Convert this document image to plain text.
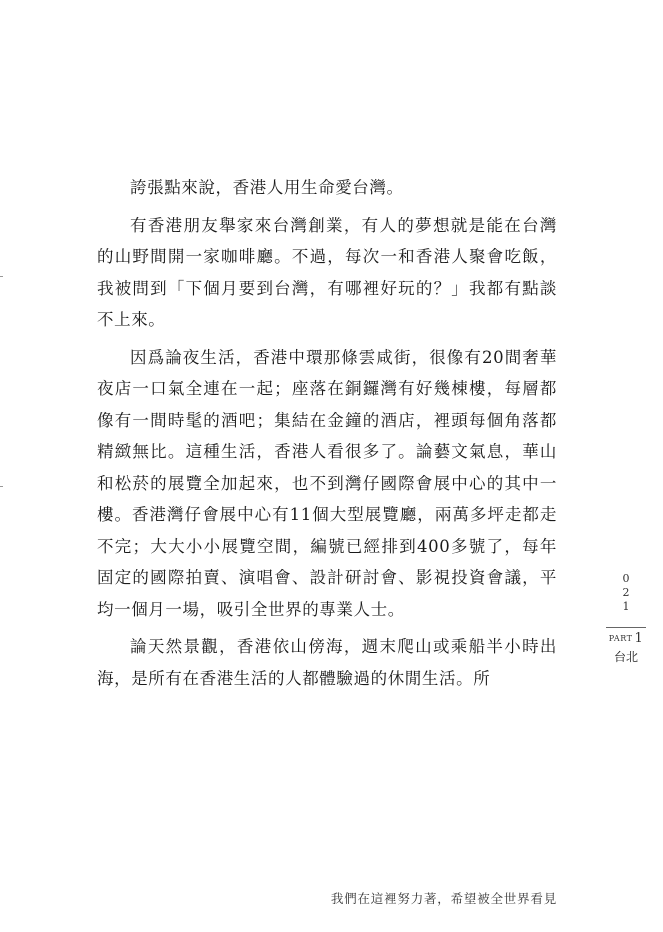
誇張點來說，香港人用生命愛台灣。

有香港朋友舉家來台灣創業，有人的夢想就是能在台灣的山野間開一家咖啡廳。不過，每次一和香港人聚會吃飯，我被問到「下個月要到台灣，有哪裡好玩的？」我都有點談不上來。

因爲論夜生活，香港中環那條雲咸街，很像有20間奢華夜店一口氣全連在一起；座落在銅鑼灣有好幾棟樓，每層都像有一間時髦的酒吧；集結在金鐘的酒店，裡頭每個角落都精緻無比。這種生活，香港人看很多了。論藝文氣息，華山和松菸的展覽全加起來，也不到灣仔國際會展中心的其中一樓。香港灣仔會展中心有11個大型展覽廳，兩萬多坪走都走不完；大大小小展覽空間，編號已經排到400多號了，每年固定的國際拍賣、演唱會、設計研討會、影視投資會議，平均一個月一場，吸引全世界的專業人士。

論天然景觀，香港依山傍海，週末爬山或乘船半小時出海，是所有在香港生活的人都體驗過的休閒生活。所

0
2
1
PART 1
台北
我們在這裡努力著，希望被全世界看見
